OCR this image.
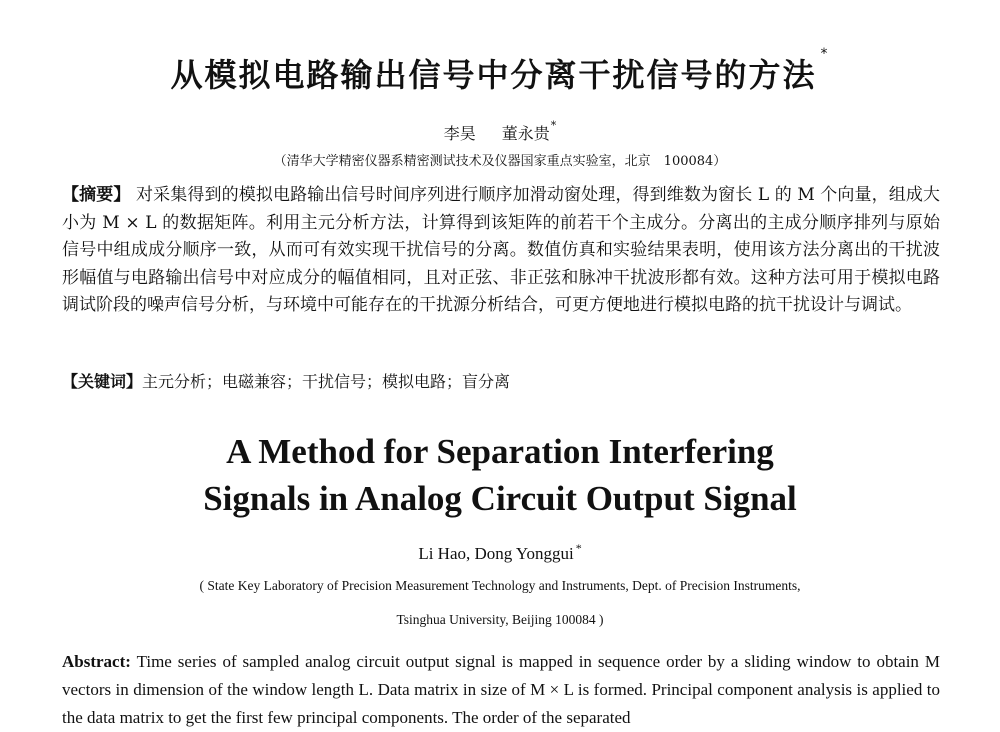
从模拟电路输出信号中分离干扰信号的方法*
李昊 董永贵*
（清华大学精密仪器系精密测试技术及仪器国家重点实验室，北京　100084）
【摘要】 对采集得到的模拟电路输出信号时间序列进行顺序加滑动窗处理，得到维数为窗长 L 的 M 个向量，组成大小为 M × L 的数据矩阵。利用主元分析方法，计算得到该矩阵的前若干个主成分。分离出的主成分顺序排列与原始信号中组成成分顺序一致，从而可有效实现干扰信号的分离。数值仿真和实验结果表明，使用该方法分离出的干扰波形幅值与电路输出信号中对应成分的幅值相同，且对正弦、非正弦和脉冲干扰波形都有效。这种方法可用于模拟电路调试阶段的噪声信号分析，与环境中可能存在的干扰源分析结合，可更方便地进行模拟电路的抗干扰设计与调试。
【关键词】主元分析；电磁兼容；干扰信号；模拟电路；盲分离
A Method for Separation Interfering
Signals in Analog Circuit Output Signal
Li Hao, Dong Yonggui *
( State Key Laboratory of Precision Measurement Technology and Instruments, Dept. of Precision Instruments,
Tsinghua University, Beijing 100084 )
Abstract: Time series of sampled analog circuit output signal is mapped in sequence order by a sliding window to obtain M vectors in dimension of the window length L. Data matrix in size of M × L is formed. Principal component analysis is applied to the data matrix to get the first few principal components. The order of the separated
